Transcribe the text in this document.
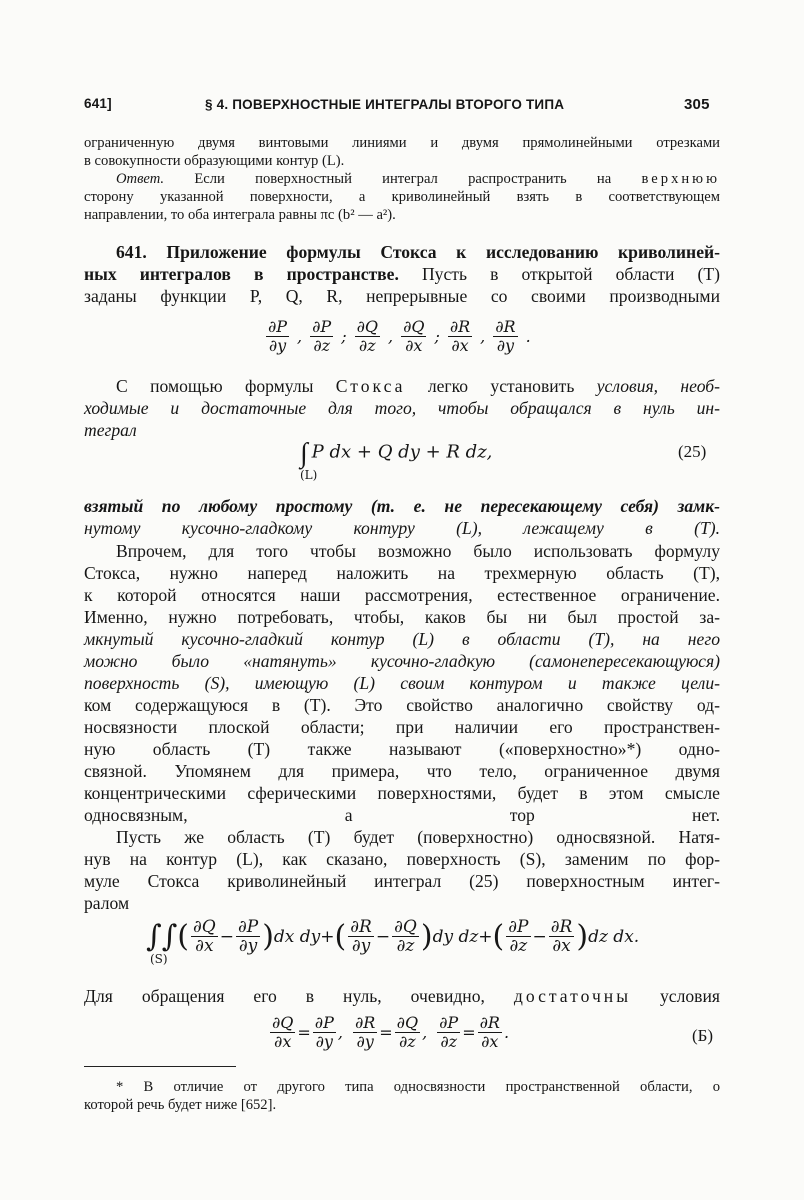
641]	§ 4. ПОВЕРХНОСТНЫЕ ИНТЕГРАЛЫ ВТОРОГО ТИПА	305
ограниченную двумя винтовыми линиями и двумя прямолинейными отрезками
в совокупности образующими контур (L).
Ответ. Если поверхностный интеграл распространить на верхнюю
сторону указанной поверхности, а криволинейный взять в соответствующем
направлении, то оба интеграла равны πc (b² — a²).
641. Приложение формулы Стокса к исследованию криволиней-
ных интегралов в пространстве. Пусть в открытой области (T)
заданы функции P, Q, R, непрерывные со своими производными
$\frac{\partial P}{\partial y}$ , $\frac{\partial P}{\partial z}$ ; $\frac{\partial Q}{\partial z}$ , $\frac{\partial Q}{\partial x}$ ; $\frac{\partial R}{\partial x}$ , $\frac{\partial R}{\partial y}$ .
С помощью формулы Стокса легко установить условия, необ-
ходимые и достаточные для того, чтобы обращался в нуль ин-
теграл
∫ P dx + Q dy + R dz,
(L)
(25)
взятый по любому простому (т. е. не пересекающему себя) замк-
нутому кусочно-гладкому контуру (L), лежащему в (T).
Впрочем, для того чтобы возможно было использовать формулу
Стокса, нужно наперед наложить на трехмерную область (T),
к которой относятся наши рассмотрения, естественное ограничение.
Именно, нужно потребовать, чтобы, каков бы ни был простой за-
мкнутый кусочно-гладкий контур (L) в области (T), на него
можно было «натянуть» кусочно-гладкую (самонепересекающуюся)
поверхность (S), имеющую (L) своим контуром и также цели-
ком содержащуюся в (T). Это свойство аналогично свойству од-
носвязности плоской области; при наличии его пространствен-
ную область (T) также называют («поверхностно»*) одно-
связной. Упомянем для примера, что тело, ограниченное двумя
концентрическими сферическими поверхностями, будет в этом смысле
односвязным, а тор нет.
Пусть же область (T) будет (поверхностно) односвязной. Натя-
нув на контур (L), как сказано, поверхность (S), заменим по фор-
муле Стокса криволинейный интеграл (25) поверхностным интег-
ралом
∫∫ ( $\frac{\partial Q}{\partial x} - \frac{\partial P}{\partial y}$ ) dx dy + ( $\frac{\partial R}{\partial y} - \frac{\partial Q}{\partial z}$ ) dy dz + ( $\frac{\partial P}{\partial z} - \frac{\partial R}{\partial x}$ ) dz dx.
(S)
Для обращения его в нуль, очевидно, достаточны условия
$\frac{\partial Q}{\partial x} = \frac{\partial P}{\partial y}$ , $\frac{\partial R}{\partial y} = \frac{\partial Q}{\partial z}$ , $\frac{\partial P}{\partial z} = \frac{\partial R}{\partial x}$ .	(Б)
* В отличие от другого типа односвязности пространственной области, о
которой речь будет ниже [652].
